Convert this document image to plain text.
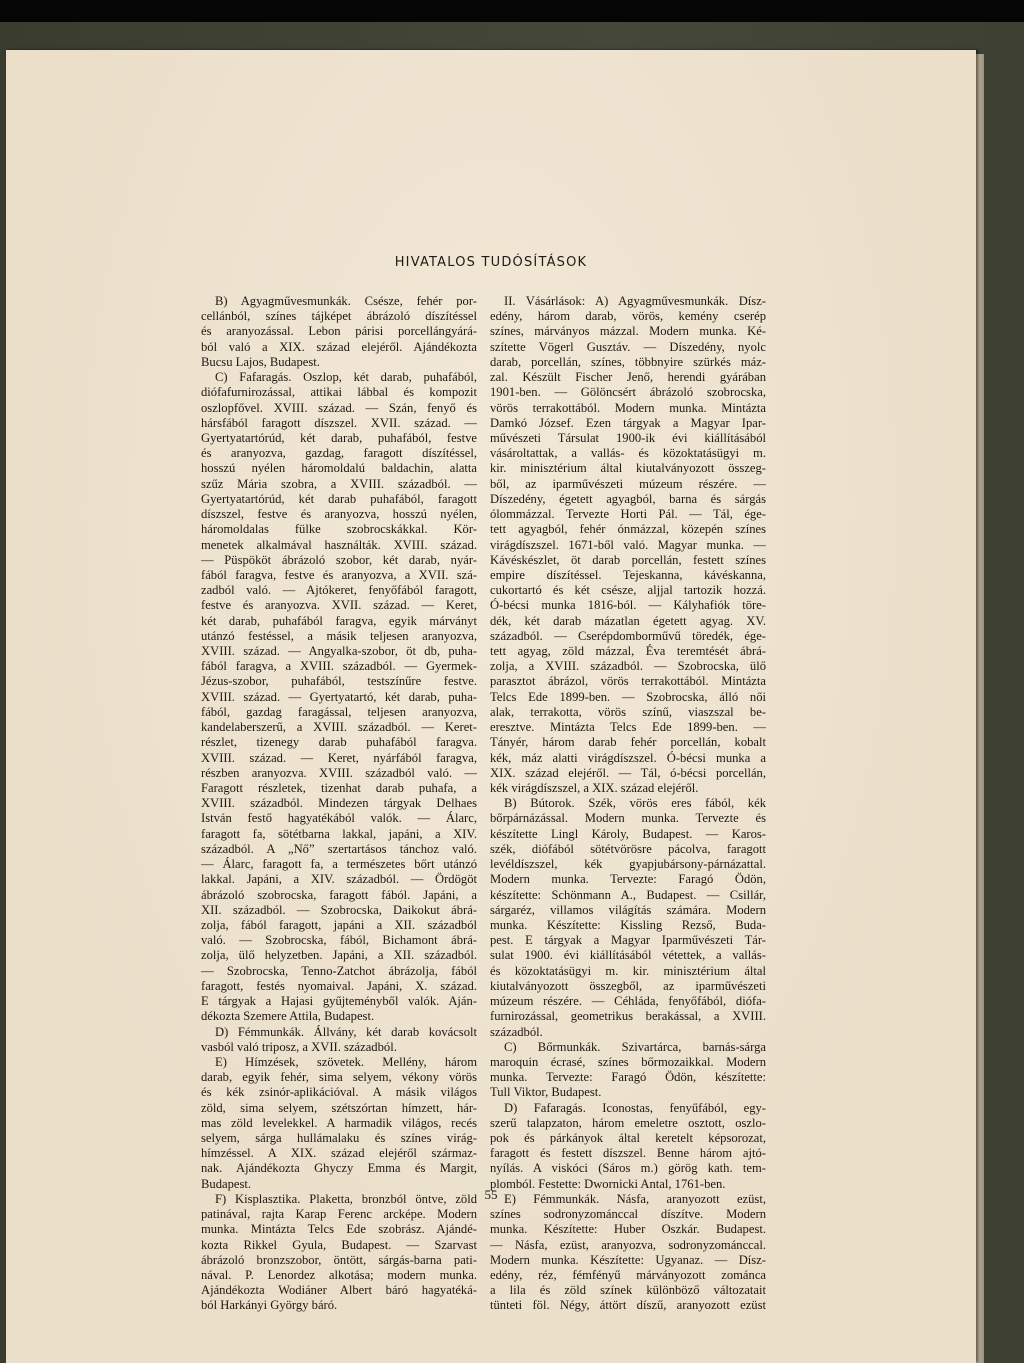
HIVATALOS TUDÓSÍTÁSOK
B) Agyagművesmunkák. Csésze, fehér por-
cellánból, színes tájképet ábrázoló díszítéssel
és aranyozással. Lebon párisi porcellángyárá-
ból való a XIX. század elejéről. Ajándékozta
Bucsu Lajos, Budapest.
C) Fafaragás. Oszlop, két darab, puhafából,
diófafurnirozással, attikai lábbal és kompozit
oszlopfővel. XVIII. század. — Szán, fenyő és
hársfából faragott díszszel. XVII. század. —
Gyertyatartórúd, két darab, puhafából, festve
és aranyozva, gazdag, faragott díszítéssel,
hosszú nyélen háromoldalú baldachin, alatta
szűz Mária szobra, a XVIII. századból. —
Gyertyatartórúd, két darab puhafából, faragott
díszszel, festve és aranyozva, hosszú nyélen,
háromoldalas fülke szobrocskákkal. Kör-
menetek alkalmával használták. XVIII. század.
— Püspököt ábrázoló szobor, két darab, nyár-
fából faragva, festve és aranyozva, a XVII. szá-
zadból való. — Ajtókeret, fenyőfából faragott,
festve és aranyozva. XVII. század. — Keret,
két darab, puhafából faragva, egyik márványt
utánzó festéssel, a másik teljesen aranyozva,
XVIII. század. — Angyalka-szobor, öt db, puha-
fából faragva, a XVIII. századból. — Gyermek-
Jézus-szobor, puhafából, testszínűre festve.
XVIII. század. — Gyertyatartó, két darab, puha-
fából, gazdag faragással, teljesen aranyozva,
kandelaberszerű, a XVIII. századból. — Keret-
részlet, tizenegy darab puhafából faragva.
XVIII. század. — Keret, nyárfából faragva,
részben aranyozva. XVIII. századból való. —
Faragott részletek, tizenhat darab puhafa, a
XVIII. századból. Mindezen tárgyak Delhaes
István festő hagyatékából valók. — Álarc,
faragott fa, sötétbarna lakkal, japáni, a XIV.
századból. A „Nő” szertartásos tánchoz való.
— Álarc, faragott fa, a természetes bőrt utánzó
lakkal. Japáni, a XIV. századból. — Ördögöt
ábrázoló szobrocska, faragott fából. Japáni, a
XII. századból. — Szobrocska, Daikokut ábrá-
zolja, fából faragott, japáni a XII. századból
való. — Szobrocska, fából, Bichamont ábrá-
zolja, ülő helyzetben. Japáni, a XII. századból.
— Szobrocska, Tenno-Zatchot ábrázolja, fából
faragott, festés nyomaival. Japáni, X. század.
E tárgyak a Hajasi gyűjteményből valók. Aján-
dékozta Szemere Attila, Budapest.
D) Fémmunkák. Állvány, két darab kovácsolt
vasból való triposz, a XVII. századból.
E) Hímzések, szövetek. Mellény, három
darab, egyik fehér, sima selyem, vékony vörös
és kék zsinór-aplikációval. A másik világos
zöld, sima selyem, szétszórtan hímzett, hár-
mas zöld levelekkel. A harmadik világos, recés
selyem, sárga hullámalaku és színes virág-
hímzéssel. A XIX. század elejéről származ-
nak. Ajándékozta Ghyczy Emma és Margit,
Budapest.
F) Kisplasztika. Plaketta, bronzból öntve, zöld
patinával, rajta Karap Ferenc arcképe. Modern
munka. Mintázta Telcs Ede szobrász. Ajándé-
kozta Rikkel Gyula, Budapest. — Szarvast
ábrázoló bronzszobor, öntött, sárgás-barna pati-
nával. P. Lenordez alkotása; modern munka.
Ajándékozta Wodiáner Albert báró hagyatéká-
ból Harkányi György báró.
II. Vásárlások: A) Agyagművesmunkák. Dísz-
edény, három darab, vörös, kemény cserép
színes, márványos mázzal. Modern munka. Ké-
szítette Vögerl Gusztáv. — Díszedény, nyolc
darab, porcellán, színes, többnyire szürkés máz-
zal. Készült Fischer Jenő, herendi gyárában
1901-ben. — Gölöncsért ábrázoló szobrocska,
vörös terrakottából. Modern munka. Mintázta
Damkó József. Ezen tárgyak a Magyar Ipar-
művészeti Társulat 1900-ik évi kiállításából
vásároltattak, a vallás- és közoktatásügyi m.
kir. minisztérium által kiutalványozott összeg-
ből, az iparművészeti múzeum részére. —
Díszedény, égetett agyagból, barna és sárgás
ólommázzal. Tervezte Horti Pál. — Tál, ége-
tett agyagból, fehér ónmázzal, közepén színes
virágdíszszel. 1671-ből való. Magyar munka. —
Kávéskészlet, öt darab porcellán, festett színes
empire díszítéssel. Tejeskanna, kávéskanna,
cukortartó és két csésze, aljjal tartozik hozzá.
Ó-bécsi munka 1816-ból. — Kályhafiók töre-
dék, két darab mázatlan égetett agyag. XV.
századból. — Cserépdomborművű töredék, ége-
tett agyag, zöld mázzal, Éva teremtését ábrá-
zolja, a XVIII. századból. — Szobrocska, ülő
parasztot ábrázol, vörös terrakottából. Mintázta
Telcs Ede 1899-ben. — Szobrocska, álló női
alak, terrakotta, vörös színű, viaszszal be-
eresztve. Mintázta Telcs Ede 1899-ben. —
Tányér, három darab fehér porcellán, kobalt
kék, máz alatti virágdíszszel. Ó-bécsi munka a
XIX. század elejéről. — Tál, ó-bécsi porcellán,
kék virágdíszszel, a XIX. század elejéről.
B) Bútorok. Szék, vörös eres fából, kék
bőrpárnázással. Modern munka. Tervezte és
készítette Lingl Károly, Budapest. — Karos-
szék, diófából sötétvörösre pácolva, faragott
levéldíszszel, kék gyapjubársony-párnázattal.
Modern munka. Tervezte: Faragó Ödön,
készítette: Schönmann A., Budapest. — Csillár,
sárgaréz, villamos világítás számára. Modern
munka. Készítette: Kissling Rezső, Buda-
pest. E tárgyak a Magyar Iparművészeti Tár-
sulat 1900. évi kiállításából vétettek, a vallás-
és közoktatásügyi m. kir. minisztérium által
kiutalványozott összegből, az iparművészeti
múzeum részére. — Céhláda, fenyőfából, diófa-
furnirozással, geometrikus berakással, a XVIII.
századból.
C) Bőrmunkák. Szivartárca, barnás-sárga
maroquin écrasé, színes bőrmozaikkal. Modern
munka. Tervezte: Faragó Ödön, készítette:
Tull Viktor, Budapest.
D) Fafaragás. Iconostas, fenyűfából, egy-
szerű talapzaton, három emeletre osztott, oszlo-
pok és párkányok által keretelt képsorozat,
faragott és festett díszszel. Benne három ajtó-
nyílás. A viskóci (Sáros m.) görög kath. tem-
plomból. Festette: Dwornicki Antal, 1761-ben.
E) Fémmunkák. Násfa, aranyozott ezüst,
színes sodronyzománccal díszítve. Modern
munka. Készítette: Huber Oszkár. Budapest.
— Násfa, ezüst, aranyozva, sodronyzománccal.
Modern munka. Készítette: Ugyanaz. — Dísz-
edény, réz, fémfényű márványozott zománca
a lila és zöld színek különböző változatait
tünteti föl. Négy, áttört díszű, aranyozott ezüst
55
